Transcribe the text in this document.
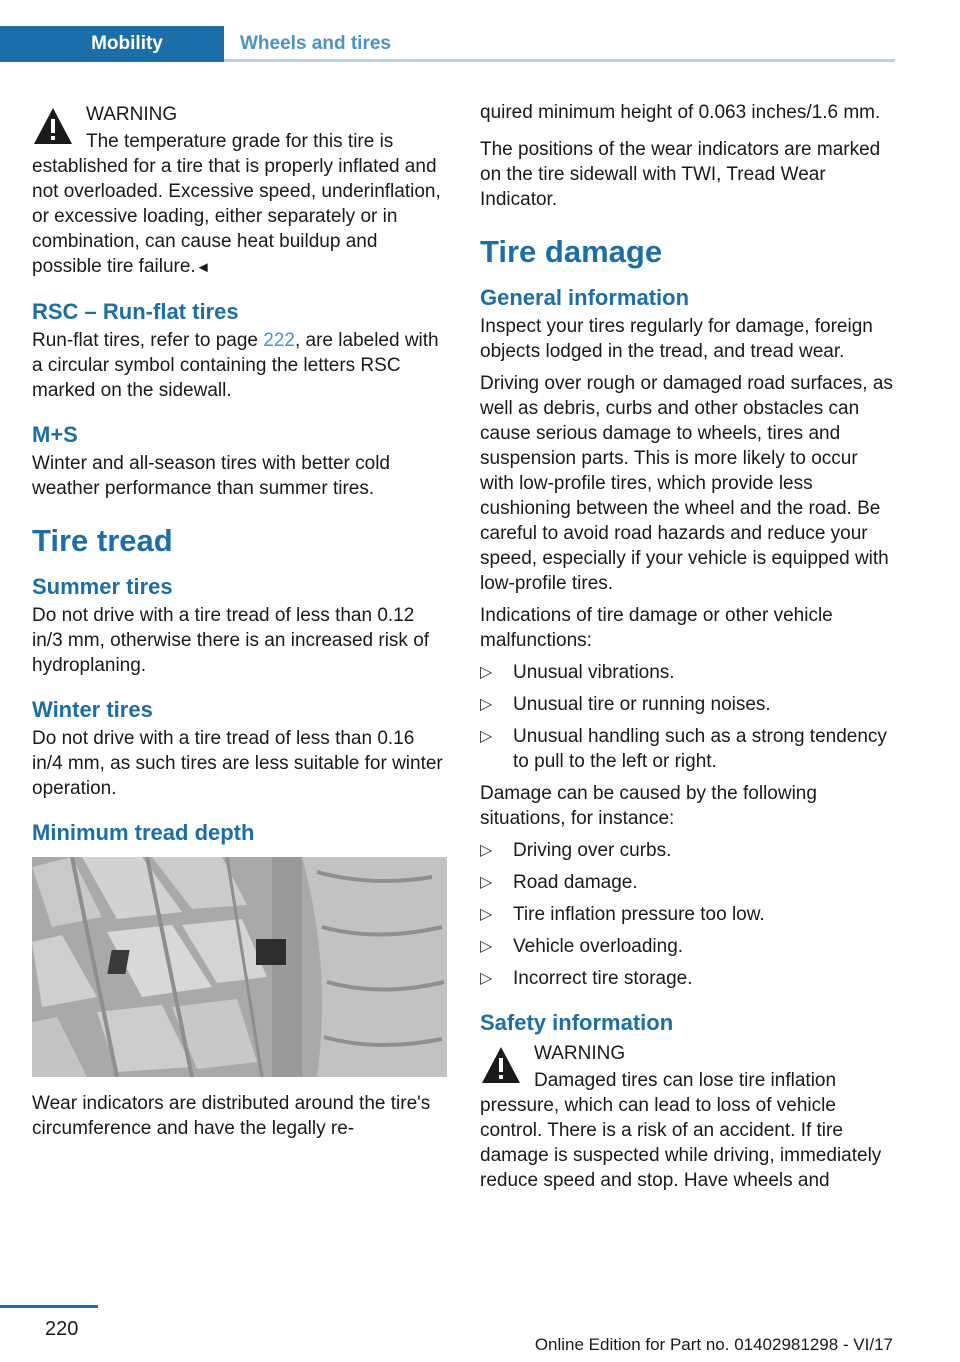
Mobility	Wheels and tires
WARNING
The temperature grade for this tire is established for a tire that is properly inflated and not overloaded. Excessive speed, underinflation, or excessive loading, either separately or in combination, can cause heat buildup and possible tire failure.◄
RSC – Run-flat tires

Run-flat tires, refer to page 222, are labeled with a circular symbol containing the letters RSC marked on the sidewall.

M+S

Winter and all-season tires with better cold weather performance than summer tires.

Tire tread
Summer tires

Do not drive with a tire tread of less than 0.12 in/3 mm, otherwise there is an increased risk of hydroplaning.

Winter tires

Do not drive with a tire tread of less than 0.16 in/4 mm, as such tires are less suitable for winter operation.

Minimum tread depth

Wear indicators are distributed around the tire's circumference and have the legally re-

quired minimum height of 0.063 inches/1.6 mm.

The positions of the wear indicators are marked on the tire sidewall with TWI, Tread Wear Indicator.

Tire damage
General information

Inspect your tires regularly for damage, foreign objects lodged in the tread, and tread wear.

Driving over rough or damaged road surfaces, as well as debris, curbs and other obstacles can cause serious damage to wheels, tires and suspension parts. This is more likely to occur with low-profile tires, which provide less cushioning between the wheel and the road. Be careful to avoid road hazards and reduce your speed, especially if your vehicle is equipped with low-profile tires.

Indications of tire damage or other vehicle malfunctions:

▷	Unusual vibrations.
▷	Unusual tire or running noises.
▷	Unusual handling such as a strong tendency to pull to the left or right.

Damage can be caused by the following situations, for instance:

▷	Driving over curbs.
▷	Road damage.
▷	Tire inflation pressure too low.
▷	Vehicle overloading.
▷	Incorrect tire storage.
Safety information
WARNING
Damaged tires can lose tire inflation pressure, which can lead to loss of vehicle control. There is a risk of an accident. If tire damage is suspected while driving, immediately reduce speed and stop. Have wheels and
220
Online Edition for Part no. 01402981298 - VI/17
